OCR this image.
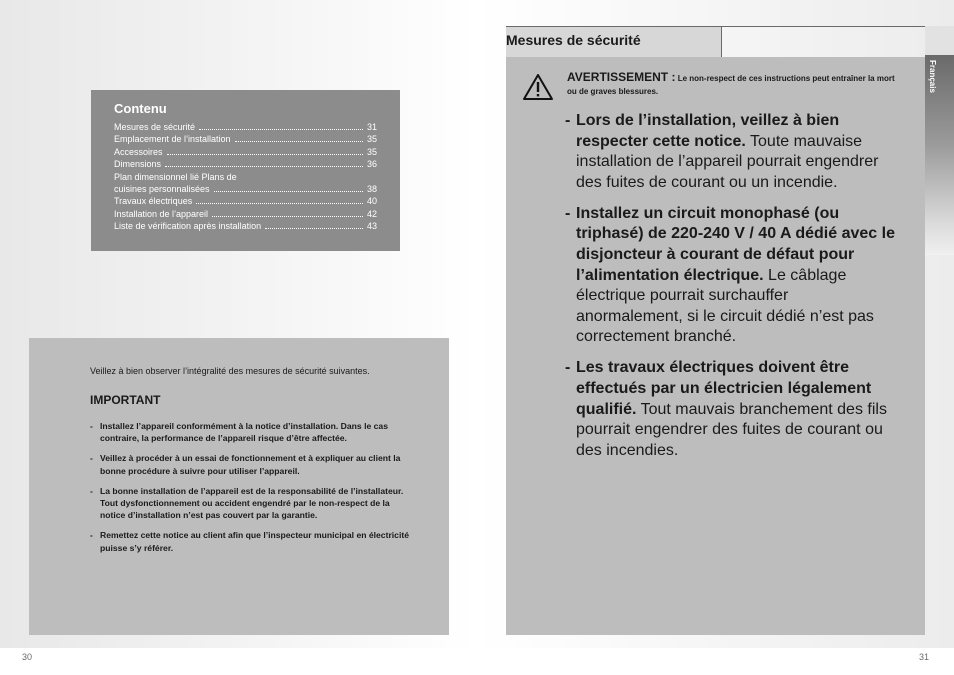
Contenu
Mesures de sécurité	31
Emplacement de l’installation	35
Accessoires	35
Dimensions	36
Plan dimensionnel lié Plans de
cuisines personnalisées	38
Travaux électriques	40
Installation de l’appareil	42
Liste de vérification après installation	43
Veillez à bien observer l’intégralité des mesures de sécurité suivantes.
IMPORTANT
- Installez l’appareil conformément à la notice d’installation. Dans le cas contraire, la performance de l’appareil risque d’être affectée.
- Veillez à procéder à un essai de fonctionnement et à expliquer au client la bonne procédure à suivre pour utiliser l’appareil.
- La bonne installation de l’appareil est de la responsabilité de l’installateur. Tout dysfonctionnement ou accident engendré par le non-respect de la notice d’installation n’est pas couvert par la garantie.
- Remettez cette notice au client afin que l’inspecteur municipal en électricité puisse s’y référer.
Mesures de sécurité
AVERTISSEMENT : Le non-respect de ces instructions peut entraîner la mort ou de graves blessures.
- Lors de l’installation, veillez à bien respecter cette notice. Toute mauvaise installation de l’appareil pourrait engendrer des fuites de courant ou un incendie.
- Installez un circuit monophasé (ou triphasé) de 220-240 V / 40 A dédié avec le disjoncteur à courant de défaut pour l’alimentation électrique. Le câblage électrique pourrait surchauffer anormalement, si le circuit dédié n’est pas correctement branché.
- Les travaux électriques doivent être effectués par un électricien légalement qualifié. Tout mauvais branchement des fils pourrait engendrer des fuites de courant ou des incendies.
Français
30	31
